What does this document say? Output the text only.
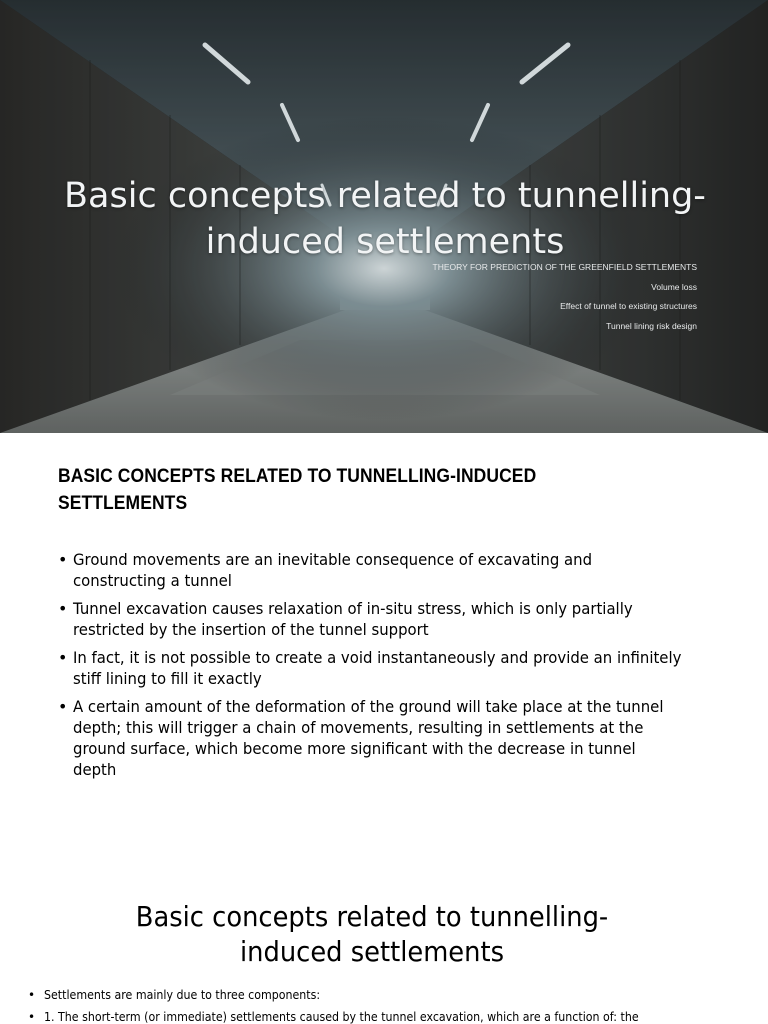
Basic concepts related to tunnelling-induced settlements
THEORY FOR PREDICTION OF THE GREENFIELD SETTLEMENTS
Volume loss
Effect of tunnel to existing structures
Tunnel lining risk design
BASIC CONCEPTS RELATED TO TUNNELLING-INDUCED
SETTLEMENTS
• Ground movements are an inevitable consequence of excavating and
constructing a tunnel
• Tunnel excavation causes relaxation of in-situ stress, which is only partially
restricted by the insertion of the tunnel support
• In fact, it is not possible to create a void instantaneously and provide an infinitely
stiff lining to fill it exactly
• A certain amount of the deformation of the ground will take place at the tunnel
depth; this will trigger a chain of movements, resulting in settlements at the
ground surface, which become more significant with the decrease in tunnel
depth
Basic concepts related to tunnelling-
induced settlements
• Settlements are mainly due to three components:
• 1. The short-term (or immediate) settlements caused by the tunnel excavation, which are a function of: the
